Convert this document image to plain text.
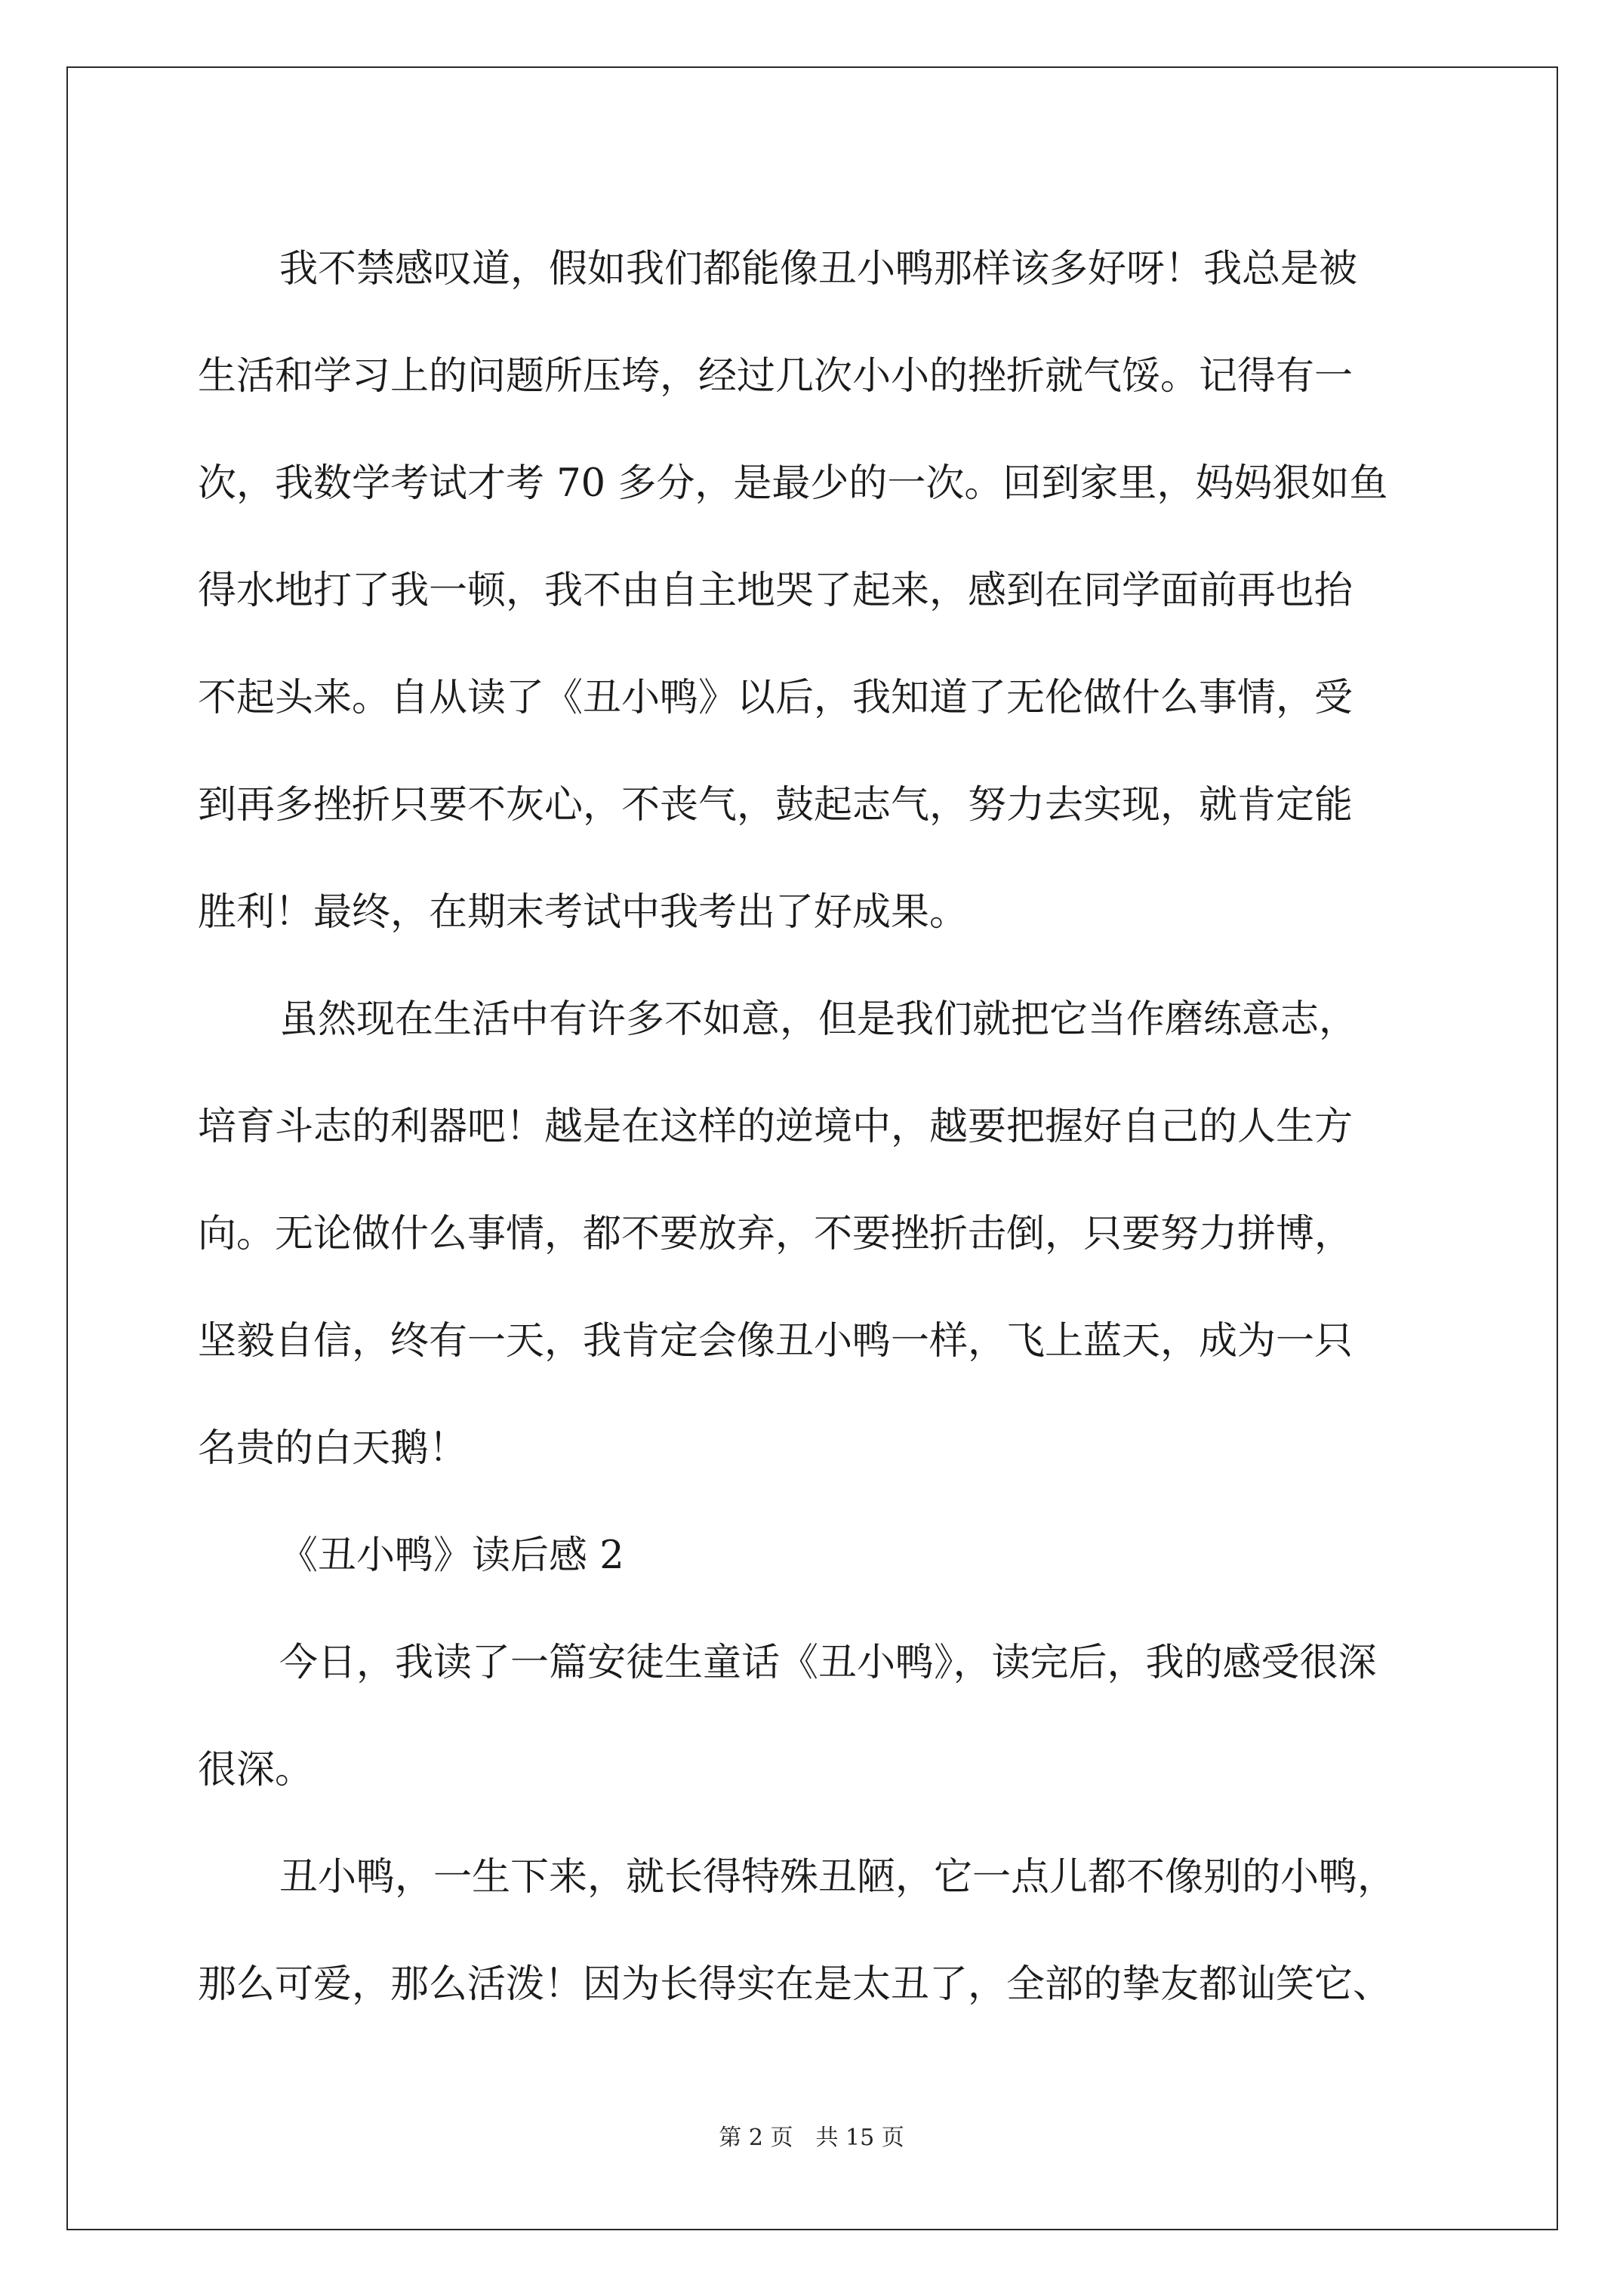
我不禁感叹道，假如我们都能像丑小鸭那样该多好呀！我总是被
生活和学习上的问题所压垮，经过几次小小的挫折就气馁。记得有一
次，我数学考试才考 70 多分，是最少的一次。回到家里，妈妈狠如鱼
得水地打了我一顿，我不由自主地哭了起来，感到在同学面前再也抬
不起头来。自从读了《丑小鸭》以后，我知道了无伦做什么事情，受
到再多挫折只要不灰心，不丧气，鼓起志气，努力去实现，就肯定能
胜利！最终，在期末考试中我考出了好成果。
虽然现在生活中有许多不如意，但是我们就把它当作磨练意志，
培育斗志的利器吧！越是在这样的逆境中，越要把握好自己的人生方
向。无论做什么事情，都不要放弃，不要挫折击倒，只要努力拼博，
坚毅自信，终有一天，我肯定会像丑小鸭一样，飞上蓝天，成为一只
名贵的白天鹅！
《丑小鸭》读后感 2
今日，我读了一篇安徒生童话《丑小鸭》，读完后，我的感受很深
很深。
丑小鸭，一生下来，就长得特殊丑陋，它一点儿都不像别的小鸭，
那么可爱，那么活泼！因为长得实在是太丑了，全部的挚友都讪笑它、
第 2 页 共 15 页
